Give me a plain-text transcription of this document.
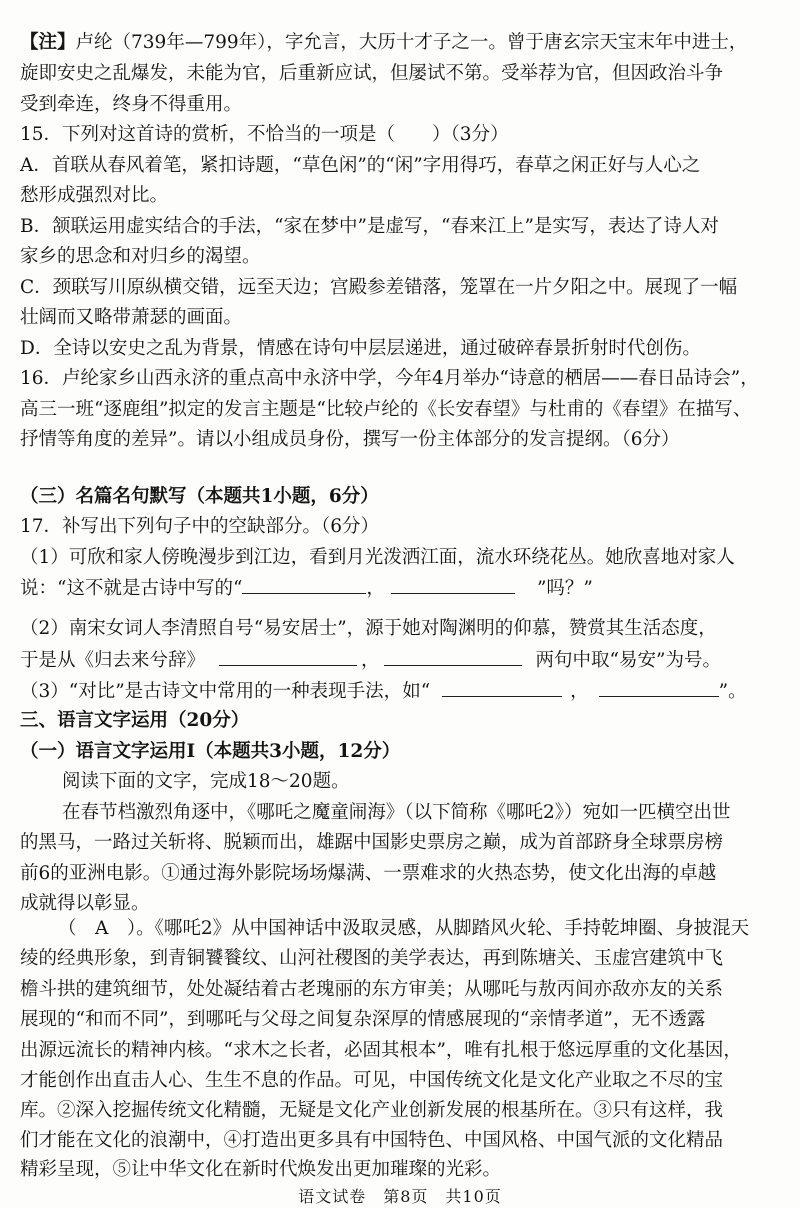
【注】卢纶（739年—799年），字允言，大历十才子之一。曾于唐玄宗天宝末年中进士，
旋即安史之乱爆发，未能为官，后重新应试，但屡试不第。受举荐为官，但因政治斗争
受到牵连，终身不得重用。
15．下列对这首诗的赏析，不恰当的一项是（　　）（3分）
A．首联从春风着笔，紧扣诗题，“草色闲”的“闲”字用得巧，春草之闲正好与人心之
愁形成强烈对比。
B．颔联运用虚实结合的手法，“家在梦中”是虚写，“春来江上”是实写，表达了诗人对
家乡的思念和对归乡的渴望。
C．颈联写川原纵横交错，远至天边；宫殿参差错落，笼罩在一片夕阳之中。展现了一幅
壮阔而又略带萧瑟的画面。
D．全诗以安史之乱为背景，情感在诗句中层层递进，通过破碎春景折射时代创伤。
16．卢纶家乡山西永济的重点高中永济中学，今年4月举办“诗意的栖居——春日品诗会”，
高三一班“逐鹿组”拟定的发言主题是“比较卢纶的《长安春望》与杜甫的《春望》在描写、
抒情等角度的差异”。请以小组成员身份，撰写一份主体部分的发言提纲。（6分）
（三）名篇名句默写（本题共1小题，6分）
17．补写出下列句子中的空缺部分。（6分）
（1）可欣和家人傍晚漫步到江边，看到月光泼洒江面，流水环绕花丛。她欣喜地对家人
说：“这不就是古诗中写的“	，	”吗？”
（2）南宋女词人李清照自号“易安居士”，源于她对陶渊明的仰慕，赞赏其生活态度，
于是从《归去来兮辞》	，	两句中取“易安”为号。
（3）“对比”是古诗文中常用的一种表现手法，如“	，	”。
三、语言文字运用（20分）
（一）语言文字运用Ⅰ（本题共3小题，12分）
阅读下面的文字，完成18～20题。
在春节档激烈角逐中，《哪吒之魔童闹海》（以下简称《哪吒2》）宛如一匹横空出世
的黑马，一路过关斩将、脱颖而出，雄踞中国影史票房之巅，成为首部跻身全球票房榜
前6的亚洲电影。①通过海外影院场场爆满、一票难求的火热态势，使文化出海的卓越
成就得以彰显。
（　A　）。《哪吒2》从中国神话中汲取灵感，从脚踏风火轮、手持乾坤圈、身披混天
绫的经典形象，到青铜饕餮纹、山河社稷图的美学表达，再到陈塘关、玉虚宫建筑中飞
檐斗拱的建筑细节，处处凝结着古老瑰丽的东方审美；从哪吒与敖丙间亦敌亦友的关系
展现的“和而不同”，到哪吒与父母之间复杂深厚的情感展现的“亲情孝道”，无不透露
出源远流长的精神内核。“求木之长者，必固其根本”，唯有扎根于悠远厚重的文化基因，
才能创作出直击人心、生生不息的作品。可见，中国传统文化是文化产业取之不尽的宝
库。②深入挖掘传统文化精髓，无疑是文化产业创新发展的根基所在。③只有这样，我
们才能在文化的浪潮中，④打造出更多具有中国特色、中国风格、中国气派的文化精品
语文试卷　第8页　共10页
精彩呈现，⑤让中华文化在新时代焕发出更加璀璨的光彩。
